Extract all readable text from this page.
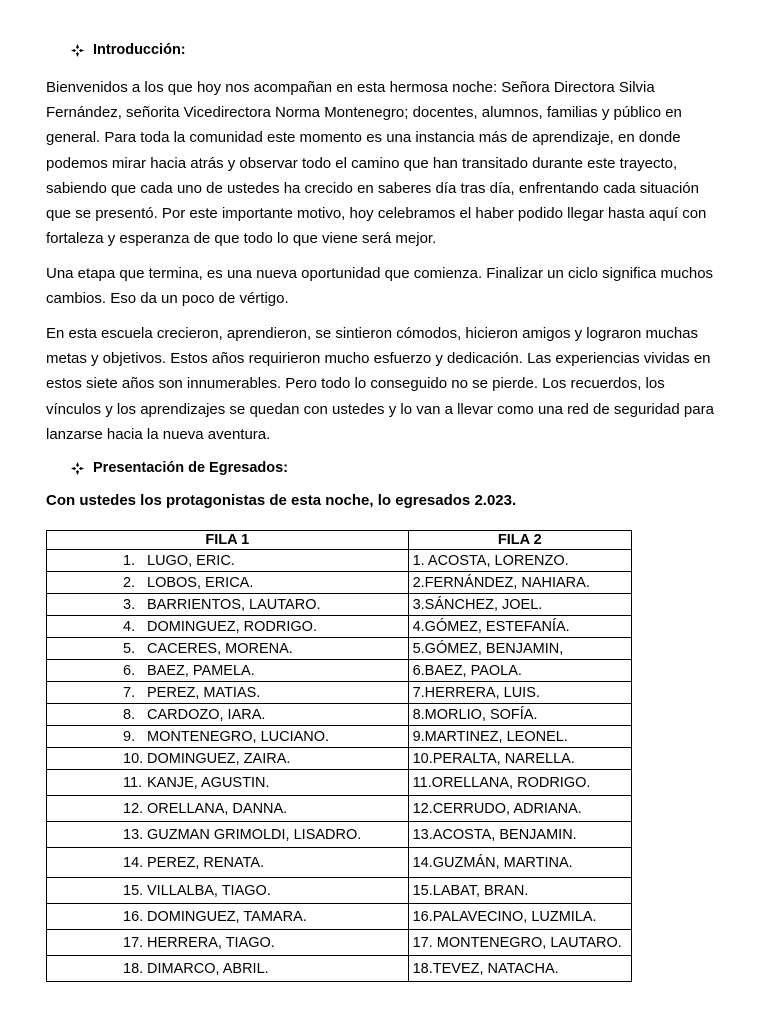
Introducción:
Bienvenidos a los que hoy nos acompañan en esta hermosa noche: Señora Directora Silvia Fernández, señorita Vicedirectora Norma Montenegro; docentes, alumnos, familias y público en general. Para toda la comunidad este momento es una instancia más de aprendizaje, en donde podemos mirar hacia atrás y observar todo el camino que han transitado durante este trayecto, sabiendo que cada uno de ustedes ha crecido en saberes día tras día, enfrentando cada situación que se presentó. Por este importante motivo, hoy celebramos el haber podido llegar hasta aquí con fortaleza y esperanza de que todo lo que viene será mejor.
Una etapa que termina, es una nueva oportunidad que comienza. Finalizar un ciclo significa muchos cambios. Eso da un poco de vértigo.
En esta escuela crecieron, aprendieron, se sintieron cómodos, hicieron amigos y lograron muchas metas y objetivos. Estos años requirieron mucho esfuerzo y dedicación. Las experiencias vividas en estos siete años son innumerables. Pero todo lo conseguido no se pierde. Los recuerdos, los vínculos y los aprendizajes se quedan con ustedes y lo van a llevar como una red de seguridad para lanzarse hacia la nueva aventura.
Presentación de Egresados:
Con ustedes los protagonistas de esta noche, lo egresados 2.023.
FILA 1	FILA 2
1. LUGO, ERIC.	1. ACOSTA, LORENZO.
2. LOBOS, ERICA.	2.FERNÁNDEZ, NAHIARA.
3. BARRIENTOS, LAUTARO.	3.SÁNCHEZ, JOEL.
4. DOMINGUEZ, RODRIGO.	4.GÓMEZ, ESTEFANÍA.
5. CACERES, MORENA.	5.GÓMEZ, BENJAMIN,
6. BAEZ, PAMELA.	6.BAEZ, PAOLA.
7. PEREZ, MATIAS.	7.HERRERA, LUIS.
8. CARDOZO, IARA.	8.MORLIO, SOFÍA.
9. MONTENEGRO, LUCIANO.	9.MARTINEZ, LEONEL.
10. DOMINGUEZ, ZAIRA.	10.PERALTA, NARELLA.
11. KANJE, AGUSTIN.	11.ORELLANA, RODRIGO.
12. ORELLANA, DANNA.	12.CERRUDO, ADRIANA.
13. GUZMAN GRIMOLDI, LISADRO.	13.ACOSTA, BENJAMIN.
14. PEREZ, RENATA.	14.GUZMÁN, MARTINA.
15. VILLALBA, TIAGO.	15.LABAT, BRAN.
16. DOMINGUEZ, TAMARA.	16.PALAVECINO, LUZMILA.
17. HERRERA, TIAGO.	17. MONTENEGRO, LAUTARO.
18. DIMARCO, ABRIL.	18.TEVEZ, NATACHA.
